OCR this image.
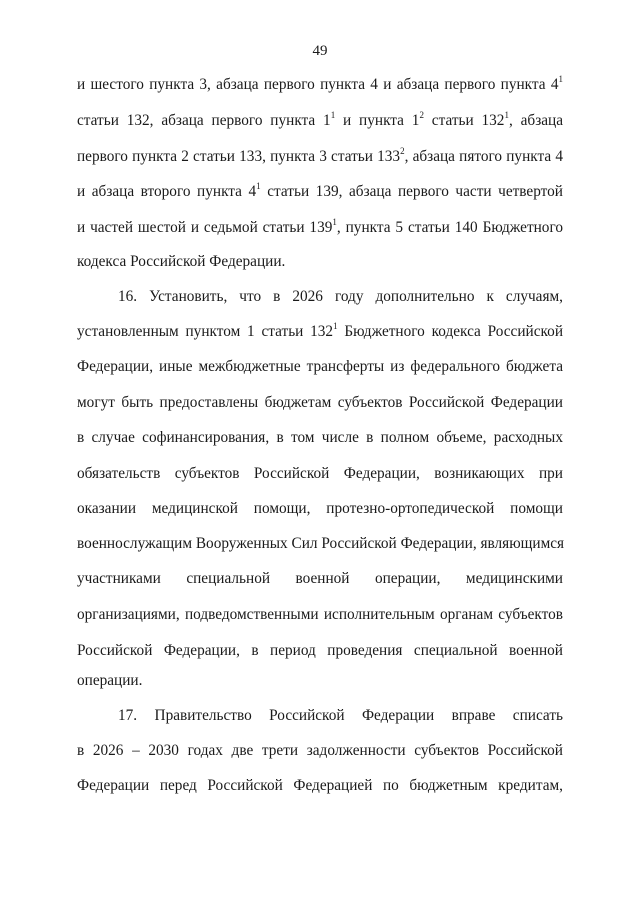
49
и шестого пункта 3, абзаца первого пункта 4 и абзаца первого пункта $4^1$
статьи 132, абзаца первого пункта $1^1$ и пункта $1^2$ статьи $132^1$, абзаца
первого пункта 2 статьи 133, пункта 3 статьи $133^2$, абзаца пятого пункта 4
и абзаца второго пункта $4^1$ статьи 139, абзаца первого части четвертой
и частей шестой и седьмой статьи $139^1$, пункта 5 статьи 140 Бюджетного
кодекса Российской Федерации.
16. Установить, что в 2026 году дополнительно к случаям,
установленным пунктом 1 статьи $132^1$ Бюджетного кодекса Российской
Федерации, иные межбюджетные трансферты из федерального бюджета
могут быть предоставлены бюджетам субъектов Российской Федерации
в случае софинансирования, в том числе в полном объеме, расходных
обязательств субъектов Российской Федерации, возникающих при
оказании медицинской помощи, протезно-ортопедической помощи
военнослужащим Вооруженных Сил Российской Федерации, являющимся
участниками специальной военной операции, медицинскими
организациями, подведомственными исполнительным органам субъектов
Российской Федерации, в период проведения специальной военной
операции.
17. Правительство Российской Федерации вправе списать
в 2026 – 2030 годах две трети задолженности субъектов Российской
Федерации перед Российской Федерацией по бюджетным кредитам,
